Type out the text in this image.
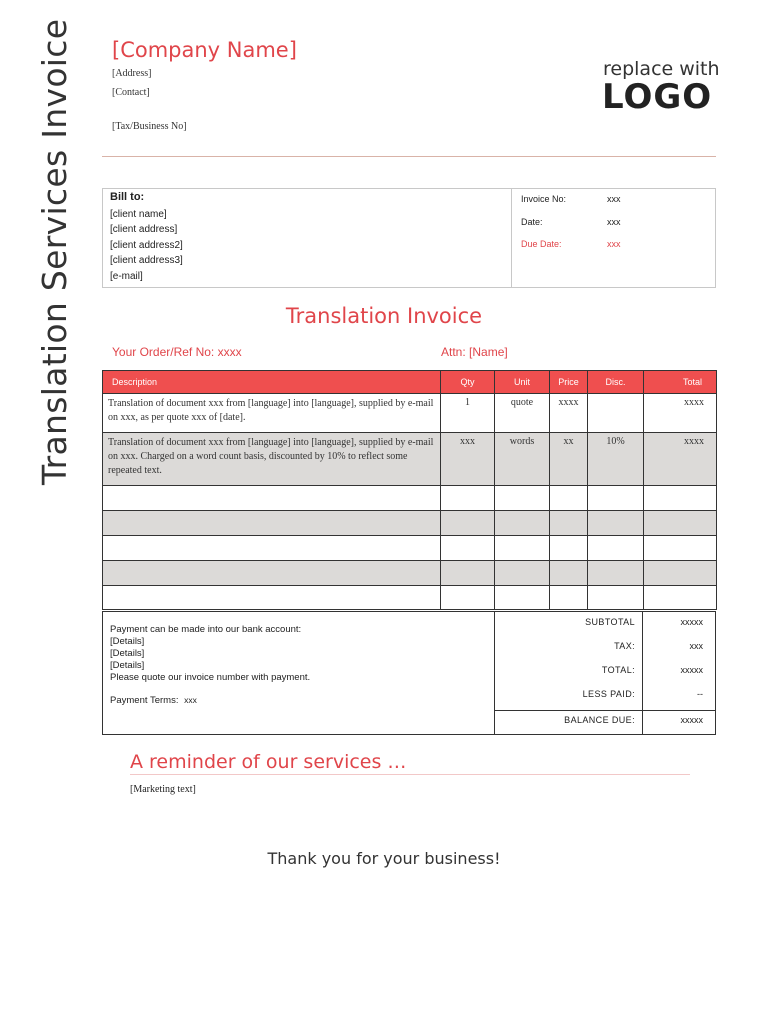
Translation Services Invoice [Company Name]
[Address]
[Contact]
[Tax/Business No]
replace with
LOGO
Bill to:
[client name]
[client address]
[client address2]
[client address3]
[e-mail]
Invoice No:	xxx
Date:	xxx
Due Date:	xxx
Translation Invoice
Your Order/Ref No: xxxx	Attn: [Name]
Description	Qty	Unit	Price	Disc.	Total
Translation of document xxx from [language] into [language], supplied by e-mail on xxx, as per quote xxx of [date].	1	quote	xxxx		xxxx
Translation of document xxx from [language] into [language], supplied by e-mail on xxx. Charged on a word count basis, discounted by 10% to reflect some repeated text.	xxx	words	xx	10%	xxxx

Payment can be made into our bank account:
[Details]
[Details]
[Details]
Please quote our invoice number with payment.
Payment Terms: xxx
SUBTOTAL	xxxxx
TAX:	xxx
TOTAL:	xxxxx
LESS PAID:	--
BALANCE DUE:	xxxxx
A reminder of our services …
[Marketing text]
Thank you for your business!
